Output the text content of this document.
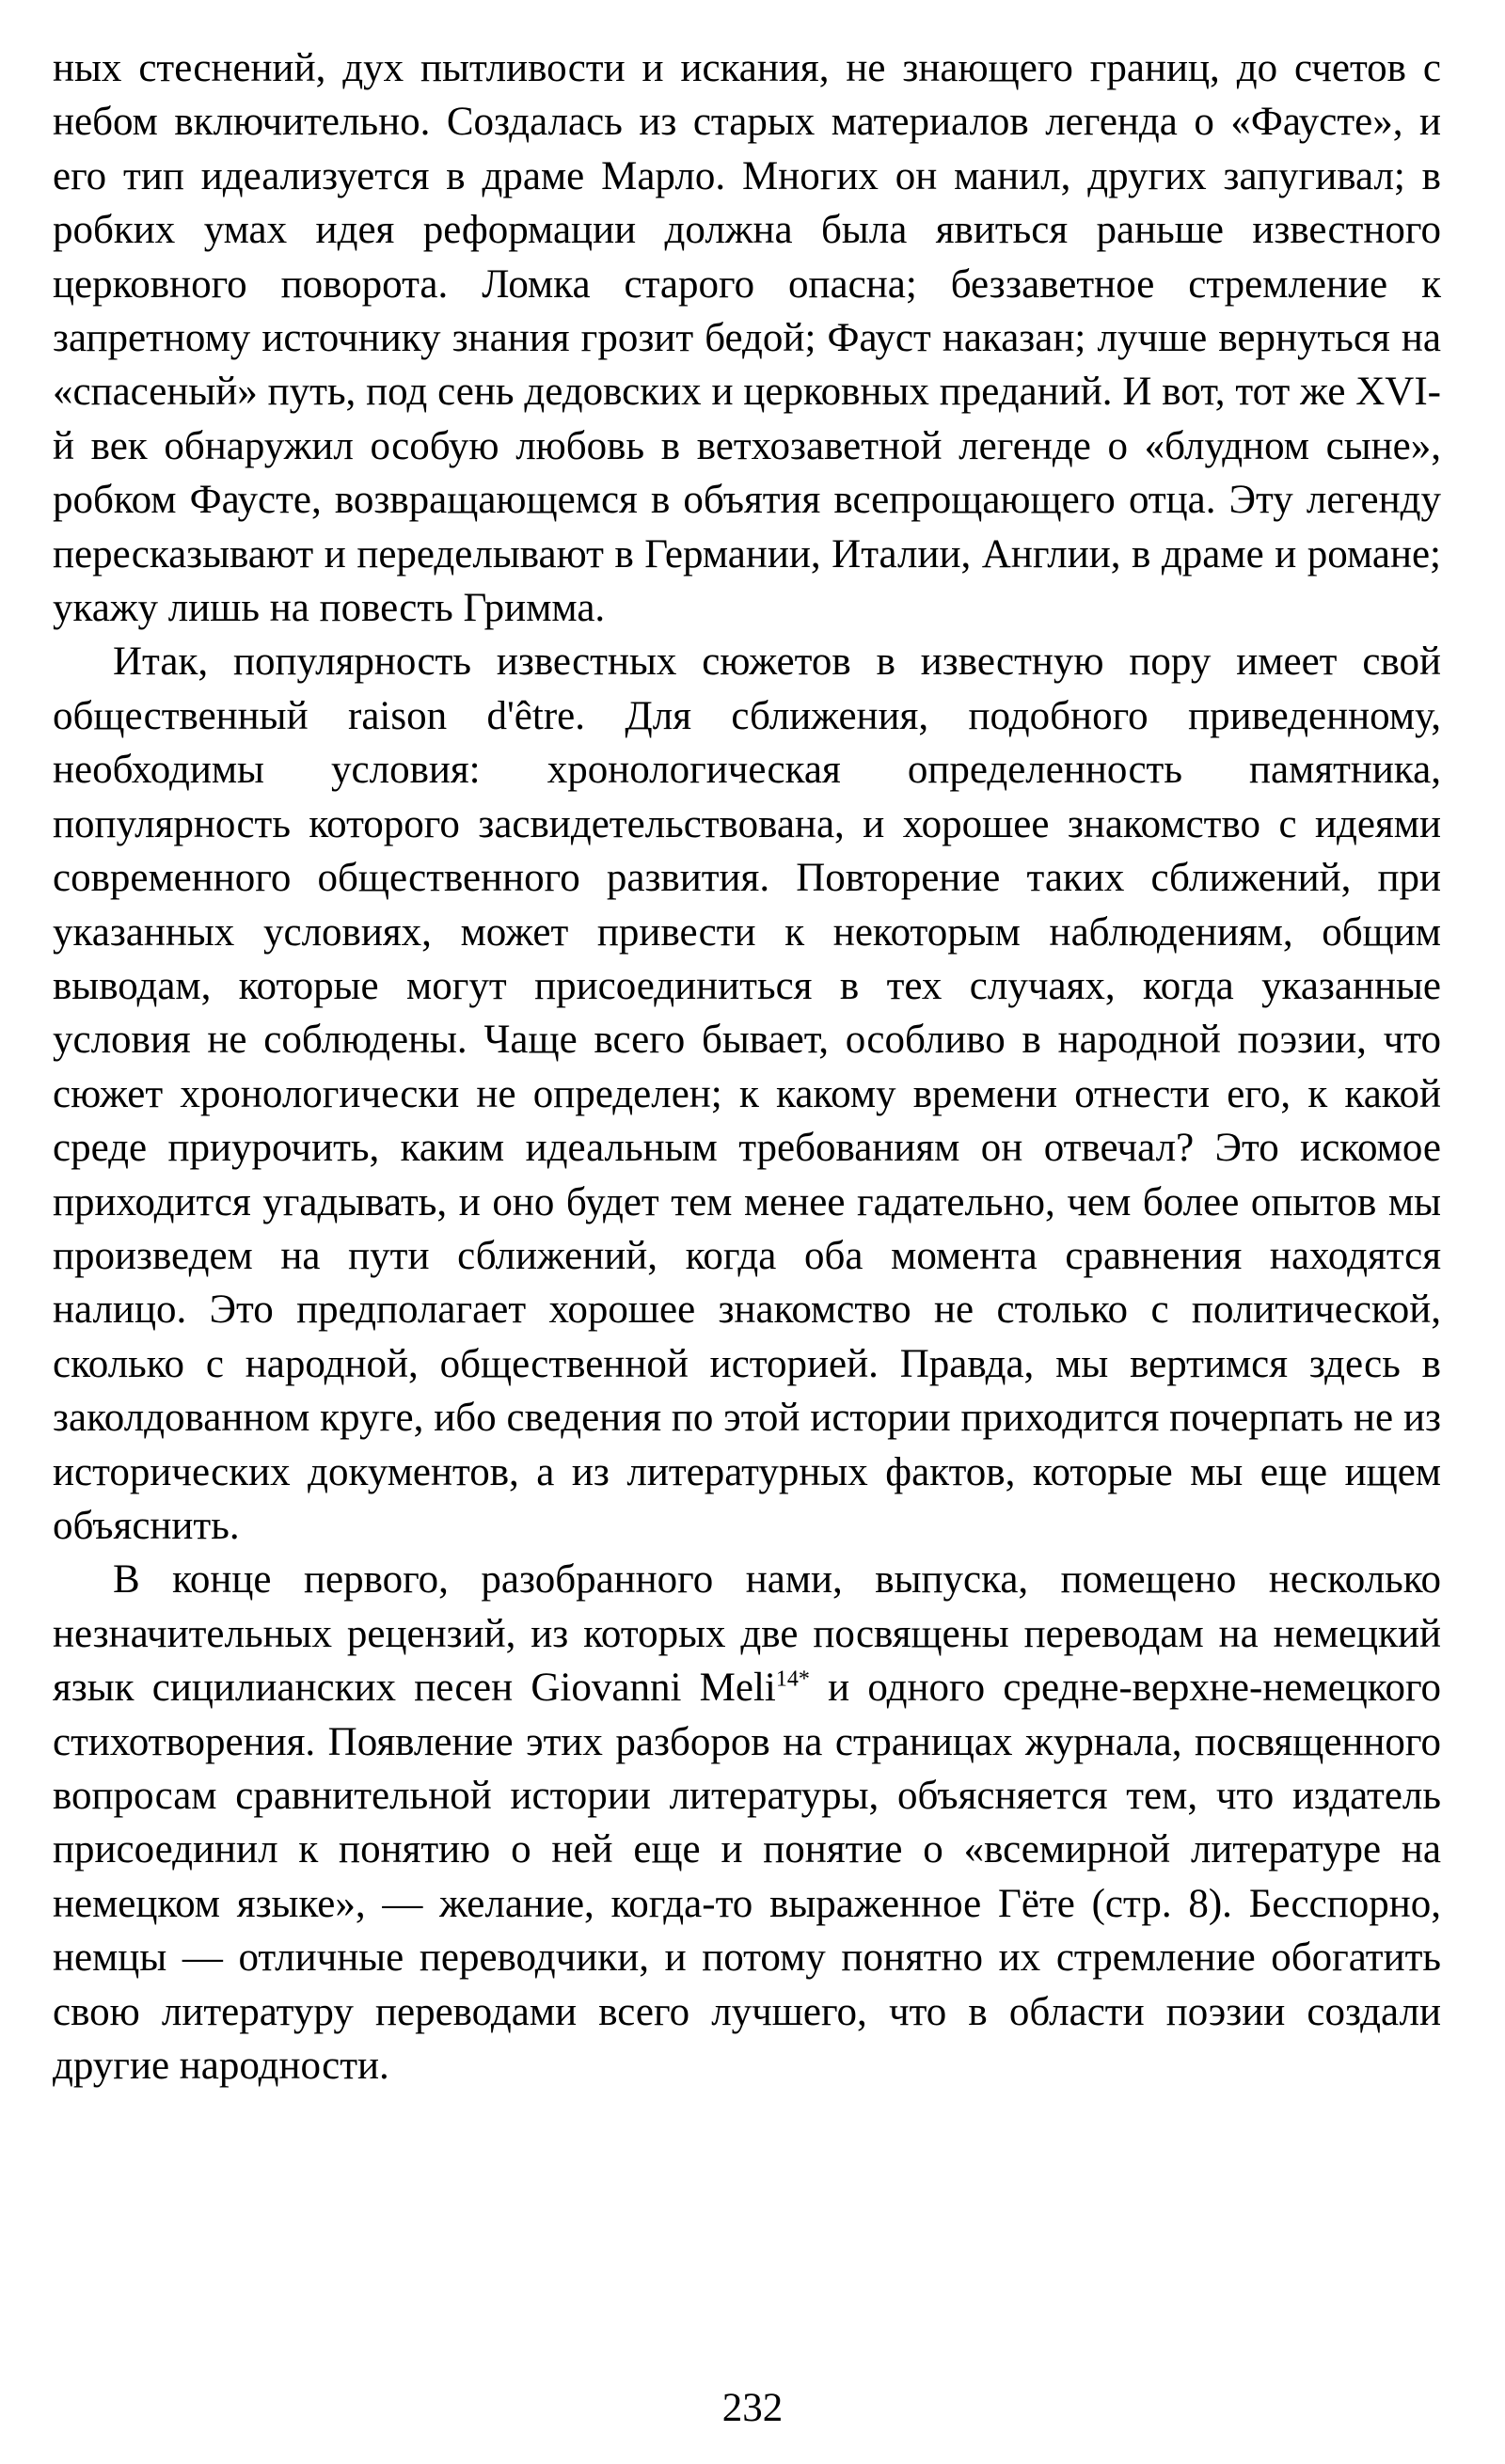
ных стеснений, дух пытливости и искания, не знающего границ, до счетов с небом включительно. Создалась из старых материалов легенда о «Фаусте», и его тип идеализуется в драме Марло. Многих он манил, других запугивал; в робких умах идея реформации должна была явиться раньше известного церковного поворота. Ломка старого опасна; беззаветное стремление к запретному источнику знания грозит бедой; Фауст наказан; лучше вернуться на «спасеный» путь, под сень дедовских и церковных преданий. И вот, тот же XVI-й век обнаружил особую любовь в ветхозаветной легенде о «блудном сыне», робком Фаусте, возвращающемся в объятия всепрощающего отца. Эту легенду пересказывают и переделывают в Германии, Италии, Англии, в драме и романе; укажу лишь на повесть Гримма.

Итак, популярность известных сюжетов в известную пору имеет свой общественный raison d'être. Для сближения, подобного приведенному, необходимы условия: хронологическая определенность памятника, популярность которого засвидетельствована, и хорошее знакомство с идеями современного общественного развития. Повторение таких сближений, при указанных условиях, может привести к некоторым наблюдениям, общим выводам, которые могут присоединиться в тех случаях, когда указанные условия не соблюдены. Чаще всего бывает, особливо в народной поэзии, что сюжет хронологически не определен; к какому времени отнести его, к какой среде приурочить, каким идеальным требованиям он отвечал? Это искомое приходится угадывать, и оно будет тем менее гадательно, чем более опытов мы произведем на пути сближений, когда оба момента сравнения находятся налицо. Это предполагает хорошее знакомство не столько с политической, сколько с народной, общественной историей. Правда, мы вертимся здесь в заколдованном круге, ибо сведения по этой истории приходится почерпать не из исторических документов, а из литературных фактов, которые мы еще ищем объяснить.

В конце первого, разобранного нами, выпуска, помещено несколько незначительных рецензий, из которых две посвящены переводам на немецкий язык сицилианских песен Giovanni Meli$^{14*}$ и одного средне-верхне-немецкого стихотворения. Появление этих разборов на страницах журнала, посвященного вопросам сравнительной истории литературы, объясняется тем, что издатель присоединил к понятию о ней еще и понятие о «всемирной литературе на немецком языке», — желание, когда-то выраженное Гёте (стр. 8). Бесспорно, немцы — отличные переводчики, и потому понятно их стремление обогатить свою литературу переводами всего лучшего, что в области поэзии создали другие народности.

232
